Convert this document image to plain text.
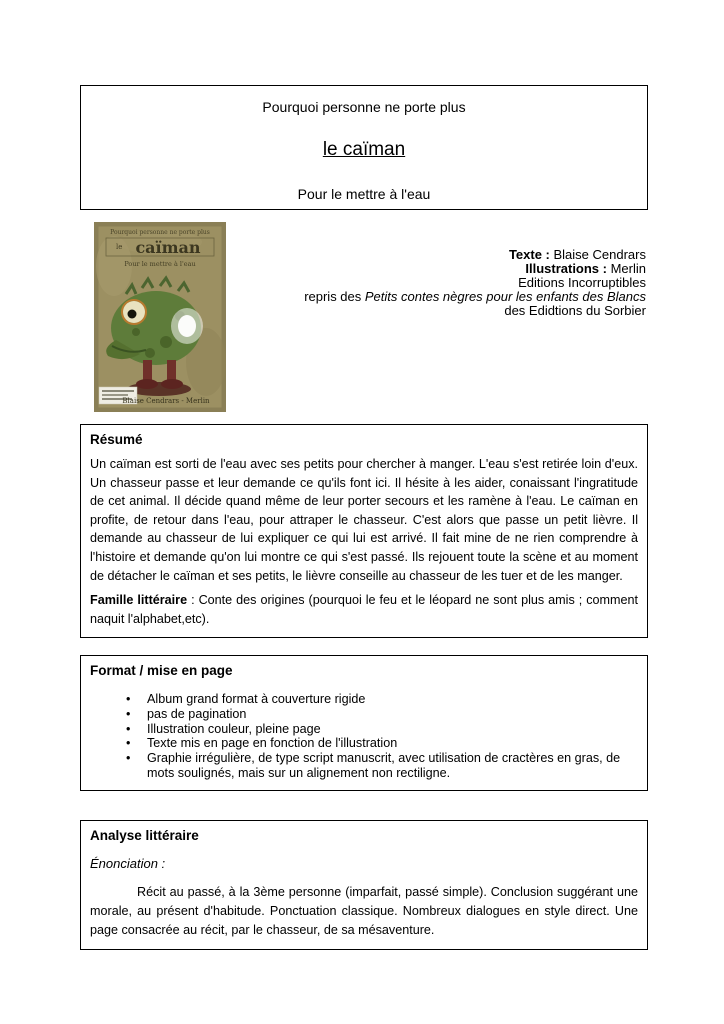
Pourquoi personne ne porte plus
le caïman
Pour le mettre à l'eau
Pourquoi personne ne porte plus
le caïman
Pour le mettre à l'eau
Blaise Cendrars - Merlin

Texte : Blaise Cendrars

Illustrations : Merlin

Editions Incorruptibles

repris des Petits contes nègres pour les enfants des Blancs

des Edidtions du Sorbier

Résumé

Un caïman est sorti de l'eau avec ses petits pour chercher à manger. L'eau s'est retirée loin d'eux. Un chasseur passe et leur demande ce qu'ils font ici. Il hésite à les aider, conaissant l'ingratitude de cet animal. Il décide quand même de leur porter secours et les ramène à l'eau. Le caïman en profite, de retour dans l'eau, pour attraper le chasseur. C'est alors que passe un petit lièvre. Il demande au chasseur de lui expliquer ce qui lui est arrivé. Il fait mine de ne rien comprendre à l'histoire et demande qu'on lui montre ce qui s'est passé. Ils rejouent toute la scène et au moment de détacher le caïman et ses petits, le lièvre conseille au chasseur de les tuer et de les manger.

Famille littéraire : Conte des origines (pourquoi le feu et le léopard ne sont plus amis ; comment naquit l'alphabet,etc).

Format / mise en page
•
Album grand format à couverture rigide
•
pas de pagination
•
Illustration couleur, pleine page
•
Texte mis en page en fonction de l'illustration
•
Graphie irrégulière, de type script manuscrit, avec utilisation de cractères en gras, de mots soulignés, mais sur un alignement non rectiligne.
Analyse littéraire
Énonciation :

Récit au passé, à la 3ème personne (imparfait, passé simple). Conclusion suggérant une morale, au présent d'habitude. Ponctuation classique. Nombreux dialogues en style direct. Une page consacrée au récit, par le chasseur, de sa mésaventure.
